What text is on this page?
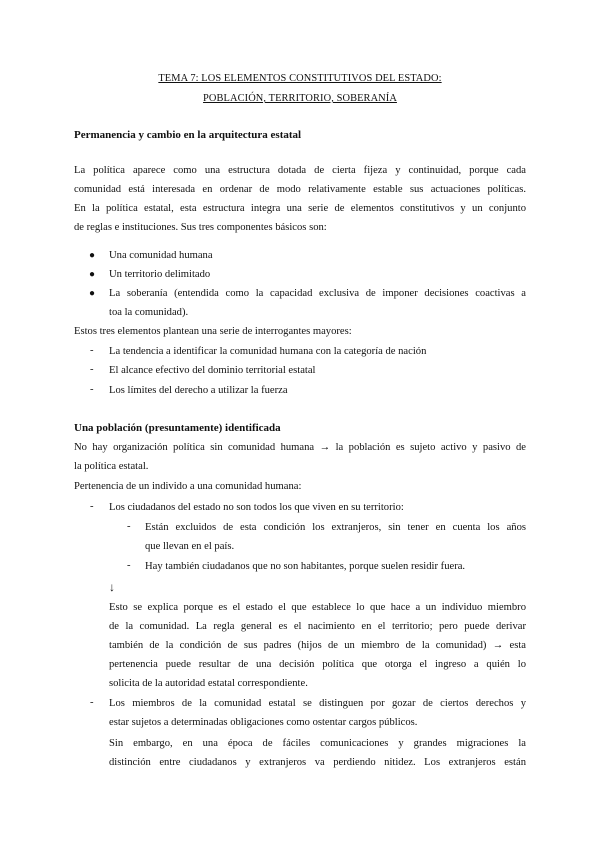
TEMA 7: LOS ELEMENTOS CONSTITUTIVOS DEL ESTADO:
POBLACIÓN, TERRITORIO, SOBERANÍA
Permanencia y cambio en la arquitectura estatal
La política aparece como una estructura dotada de cierta fijeza y continuidad, porque cada
comunidad está interesada en ordenar de modo relativamente estable sus actuaciones políticas.
En la política estatal, esta estructura integra una serie de elementos constitutivos y un conjunto
de reglas e instituciones. Sus tres componentes básicos son:
● Una comunidad humana
● Un territorio delimitado
● La soberanía (entendida como la capacidad exclusiva de imponer decisiones coactivas a
toa la comunidad).
Estos tres elementos plantean una serie de interrogantes mayores:
- La tendencia a identificar la comunidad humana con la categoría de nación
- El alcance efectivo del dominio territorial estatal
- Los límites del derecho a utilizar la fuerza
Una población (presuntamente) identificada
No hay organización política sin comunidad humana → la población es sujeto activo y pasivo de
la política estatal.
Pertenencia de un individo a una comunidad humana:
- Los ciudadanos del estado no son todos los que viven en su territorio:
- Están excluidos de esta condición los extranjeros, sin tener en cuenta los años
que llevan en el país.
- Hay también ciudadanos que no son habitantes, porque suelen residir fuera.
↓
Esto se explica porque es el estado el que establece lo que hace a un individuo miembro
de la comunidad. La regla general es el nacimiento en el territorio; pero puede derivar
también de la condición de sus padres (hijos de un miembro de la comunidad) → esta
pertenencia puede resultar de una decisión política que otorga el ingreso a quién lo
solicita de la autoridad estatal correspondiente.
- Los miembros de la comunidad estatal se distinguen por gozar de ciertos derechos y
estar sujetos a determinadas obligaciones como ostentar cargos públicos.
Sin embargo, en una época de fáciles comunicaciones y grandes migraciones la
distinción entre ciudadanos y extranjeros va perdiendo nitidez. Los extranjeros están
